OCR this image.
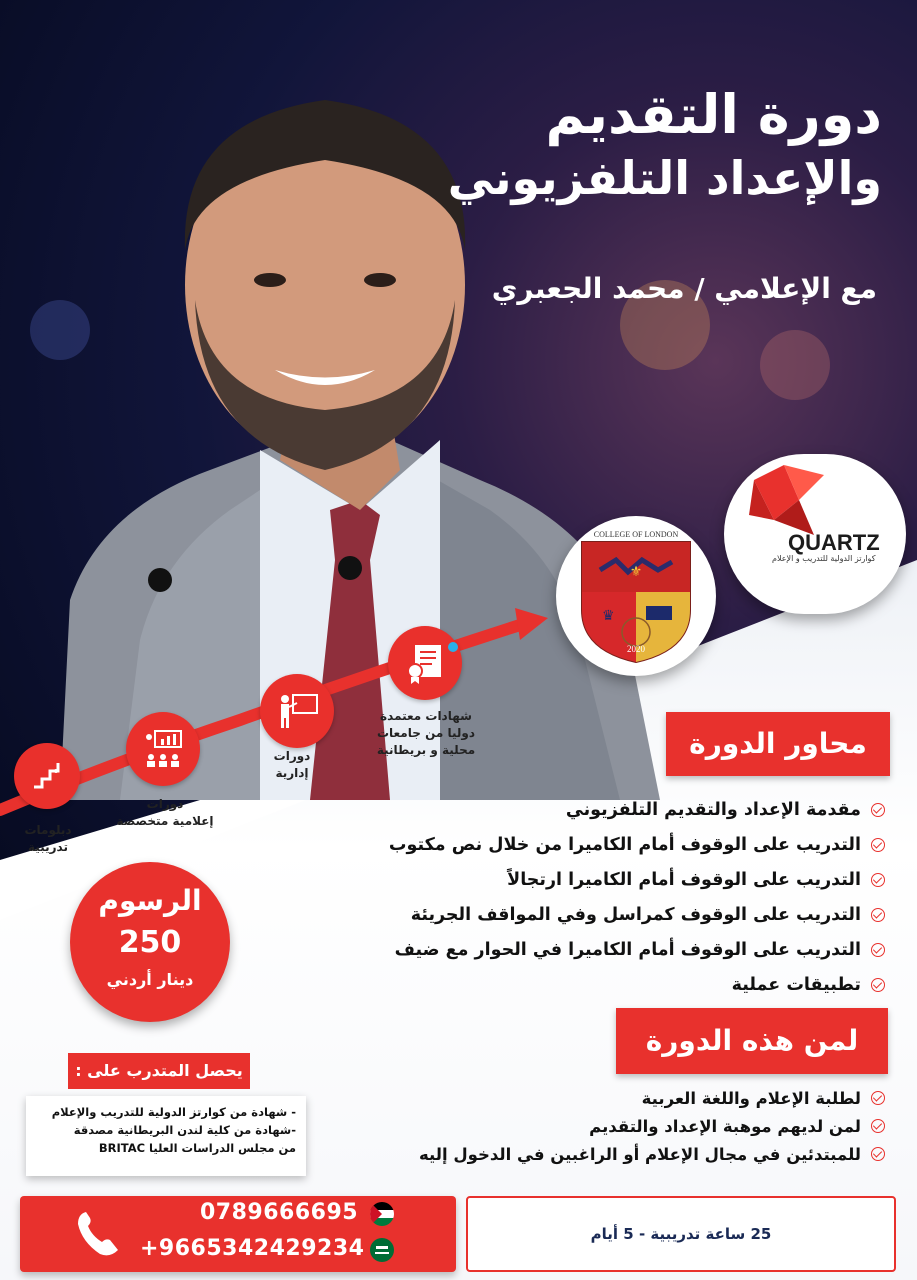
دورة التقديم
والإعداد التلفزيوني
مع الإعلامي / محمد الجعبري
QUARTZ
كوارتز الدولية للتدريب و الإعلام
COLLEGE OF LONDON
⚜
♛
2020
دبلومات
تدريبية
دورات
إعلامية متخصصة
دورات
إدارية
شهادات معتمدة
دوليا من جامعات
محلية و بريطانية	محاور الدورة
مقدمة الإعداد والتقديم التلفزيوني
التدريب على الوقوف أمام الكاميرا من خلال نص مكتوب
التدريب على الوقوف أمام الكاميرا ارتجالاً
التدريب على الوقوف كمراسل وفي المواقف الجريئة
التدريب على الوقوف أمام الكاميرا في الحوار مع ضيف
تطبيقات عملية
لمن هذه الدورة
لطلبة الإعلام واللغة العربية
لمن لديهم موهبة الإعداد والتقديم
للمبتدئين في مجال الإعلام أو الراغبين في الدخول إليه
الرسوم
250
دينار أردني
يحصل المتدرب على :
- شهادة من كوارتز الدولية للتدريب والإعلام
-شهادة من كلية لندن البريطانية مصدقة
من مجلس الدراسات العليا BRITAC
0789666695
+9665342429234
25 ساعة تدريبية - 5 أيام
